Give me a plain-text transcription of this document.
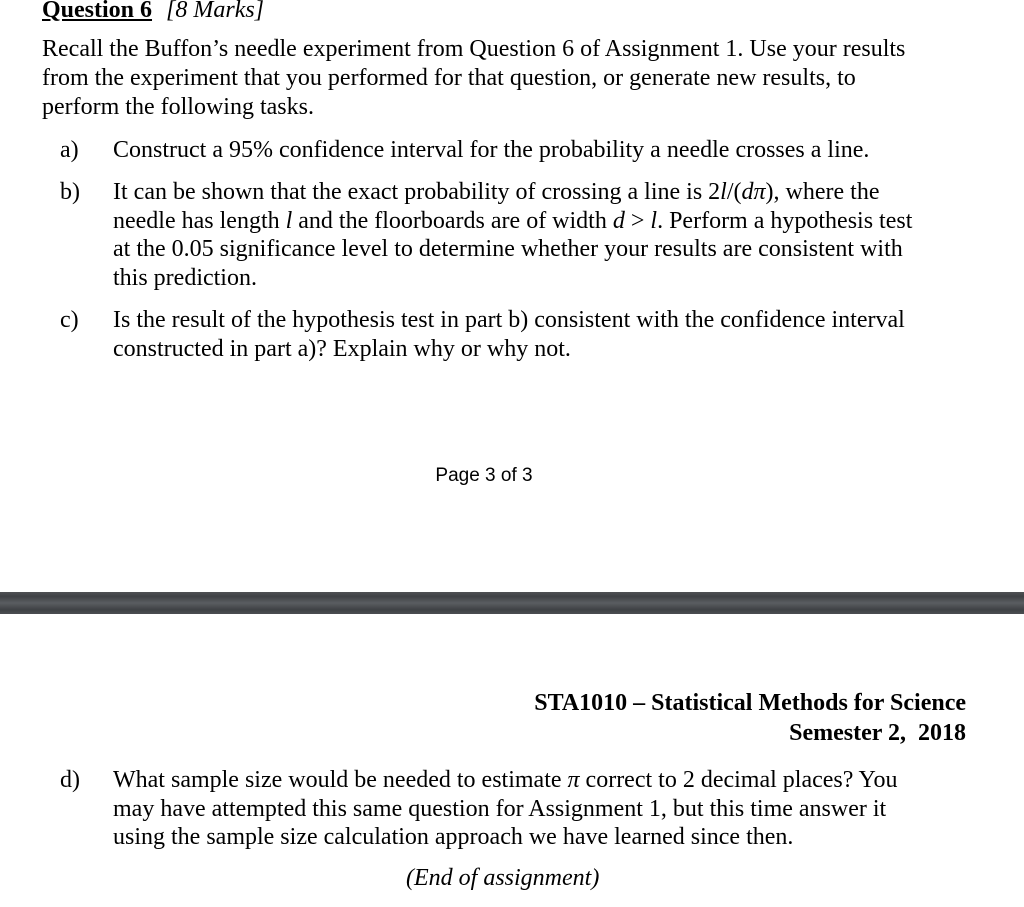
Question 6 [8 Marks]
Recall the Buffon’s needle experiment from Question 6 of Assignment 1. Use your results
from the experiment that you performed for that question, or generate new results, to
perform the following tasks.
a) Construct a 95% confidence interval for the probability a needle crosses a line.
b) It can be shown that the exact probability of crossing a line is 2l/(dπ), where the
needle has length l and the floorboards are of width d > l. Perform a hypothesis test
at the 0.05 significance level to determine whether your results are consistent with
this prediction.
c) Is the result of the hypothesis test in part b) consistent with the confidence interval
constructed in part a)? Explain why or why not.
Page 3 of 3
STA1010 – Statistical Methods for Science
Semester 2,  2018
d) What sample size would be needed to estimate π correct to 2 decimal places? You
may have attempted this same question for Assignment 1, but this time answer it
using the sample size calculation approach we have learned since then.
(End of assignment)
